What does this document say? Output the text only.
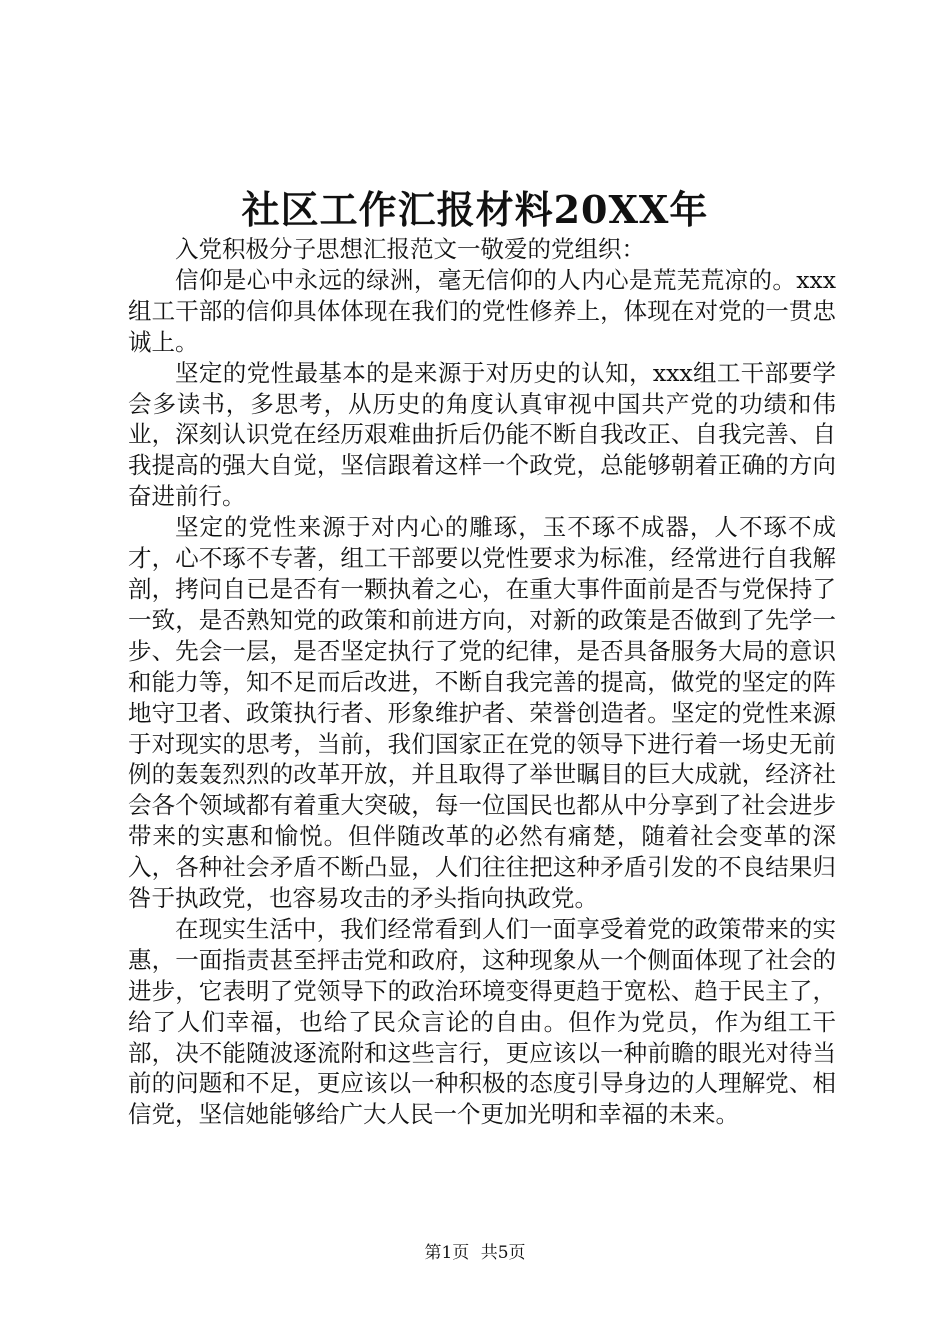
社区工作汇报材料20XX年

入党积极分子思想汇报范文一敬爱的党组织：

信仰是心中永远的绿洲，毫无信仰的人内心是荒芜荒凉的。xxx组工干部的信仰具体体现在我们的党性修养上，体现在对党的一贯忠诚上。

坚定的党性最基本的是来源于对历史的认知，xxx组工干部要学会多读书，多思考，从历史的角度认真审视中国共产党的功绩和伟业，深刻认识党在经历艰难曲折后仍能不断自我改正、自我完善、自我提高的强大自觉，坚信跟着这样一个政党，总能够朝着正确的方向奋进前行。

坚定的党性来源于对内心的雕琢，玉不琢不成器，人不琢不成才，心不琢不专著，组工干部要以党性要求为标准，经常进行自我解剖，拷问自已是否有一颗执着之心，在重大事件面前是否与党保持了一致，是否熟知党的政策和前进方向，对新的政策是否做到了先学一步、先会一层，是否坚定执行了党的纪律，是否具备服务大局的意识和能力等，知不足而后改进，不断自我完善的提高，做党的坚定的阵地守卫者、政策执行者、形象维护者、荣誉创造者。坚定的党性来源于对现实的思考，当前，我们国家正在党的领导下进行着一场史无前例的轰轰烈烈的改革开放，并且取得了举世瞩目的巨大成就，经济社会各个领域都有着重大突破，每一位国民也都从中分享到了社会进步带来的实惠和愉悦。但伴随改革的必然有痛楚，随着社会变革的深入，各种社会矛盾不断凸显，人们往往把这种矛盾引发的不良结果归咎于执政党，也容易攻击的矛头指向执政党。

在现实生活中，我们经常看到人们一面享受着党的政策带来的实惠，一面指责甚至抨击党和政府，这种现象从一个侧面体现了社会的进步，它表明了党领导下的政治环境变得更趋于宽松、趋于民主了，给了人们幸福，也给了民众言论的自由。但作为党员，作为组工干部，决不能随波逐流附和这些言行，更应该以一种前瞻的眼光对待当前的问题和不足，更应该以一种积极的态度引导身边的人理解党、相信党，坚信她能够给广大人民一个更加光明和幸福的未来。

第1页 共5页
